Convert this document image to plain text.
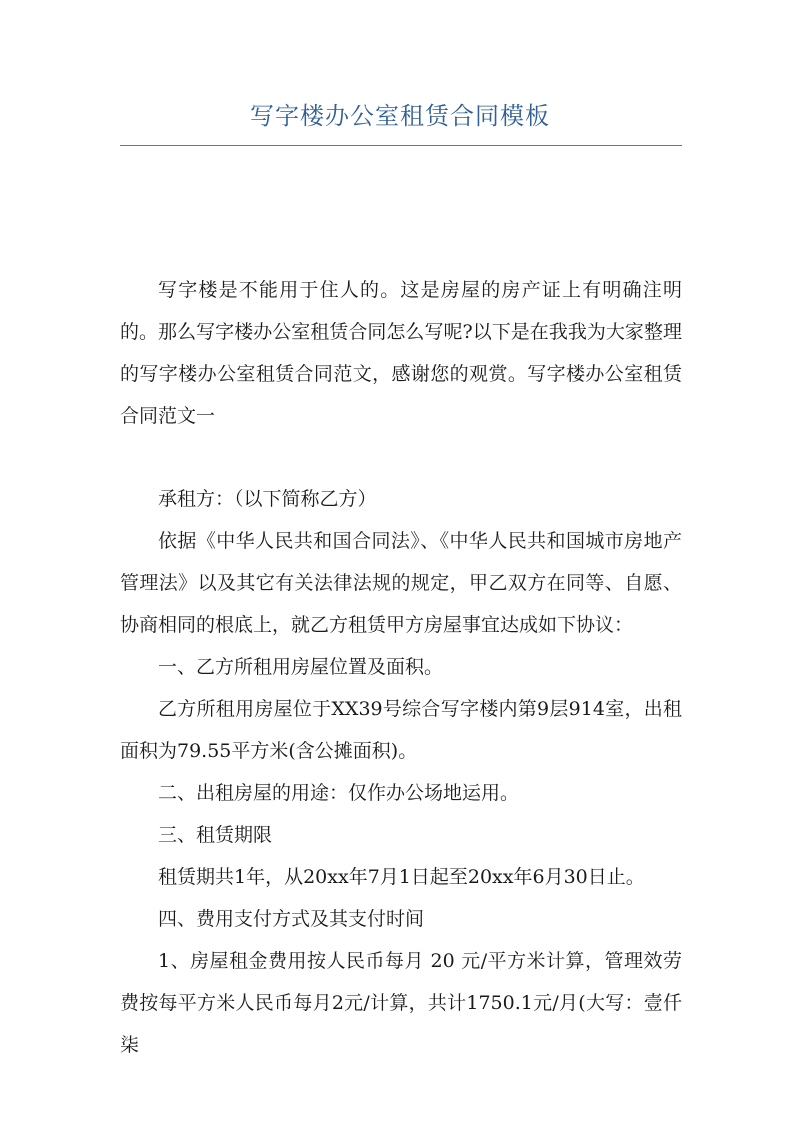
写字楼办公室租赁合同模板

写字楼是不能用于住人的。这是房屋的房产证上有明确注明的。那么写字楼办公室租赁合同怎么写呢?以下是在我我为大家整理的写字楼办公室租赁合同范文，感谢您的观赏。写字楼办公室租赁合同范文一

承租方：（以下简称乙方）

依据《中华人民共和国合同法》、《中华人民共和国城市房地产管理法》以及其它有关法律法规的规定，甲乙双方在同等、自愿、协商相同的根底上，就乙方租赁甲方房屋事宜达成如下协议：

一、乙方所租用房屋位置及面积。

乙方所租用房屋位于XX39号综合写字楼内第9层914室，出租面积为79.55平方米(含公摊面积)。

二、出租房屋的用途：仅作办公场地运用。

三、租赁期限

租赁期共1年，从20xx年7月1日起至20xx年6月30日止。

四、费用支付方式及其支付时间

1、房屋租金费用按人民币每月 20 元/平方米计算，管理效劳费按每平方米人民币每月2元/计算，共计1750.1元/月(大写：壹仟柒
